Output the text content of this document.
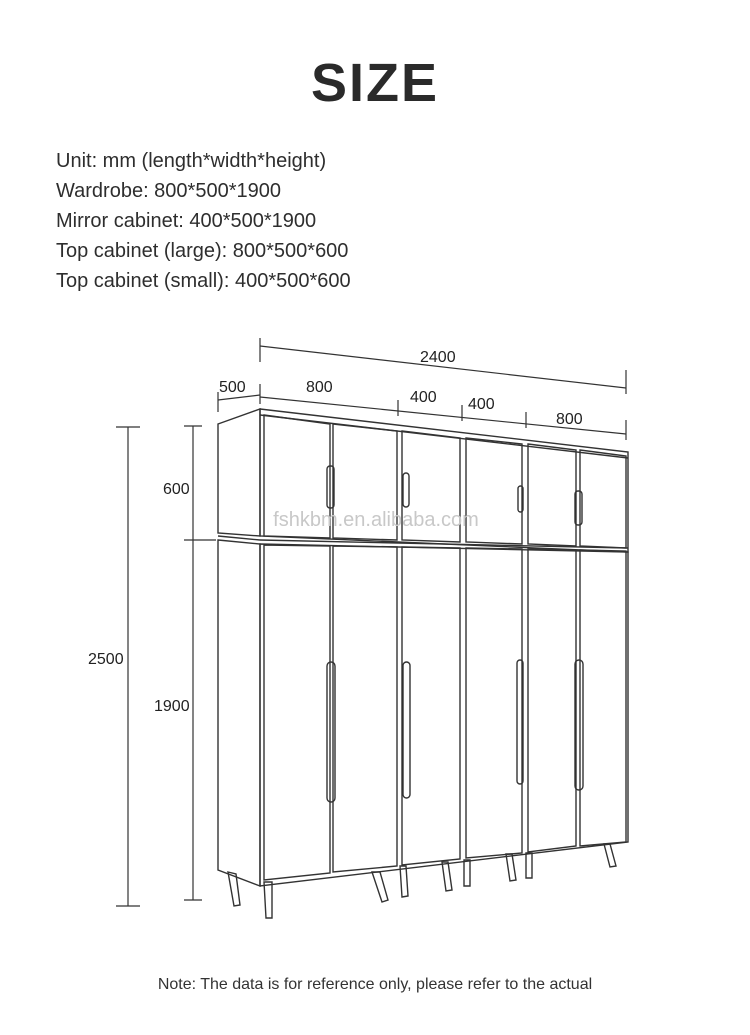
SIZE
Unit: mm (length*width*height)
Wardrobe: 800*500*1900
Mirror cabinet: 400*500*1900
Top cabinet (large): 800*500*600
Top cabinet (small): 400*500*600
2400
500	800
400 400
800
600
2500
1900
fshkbm.en.alibaba.com
Note: The data is for reference only, please refer to the actual
